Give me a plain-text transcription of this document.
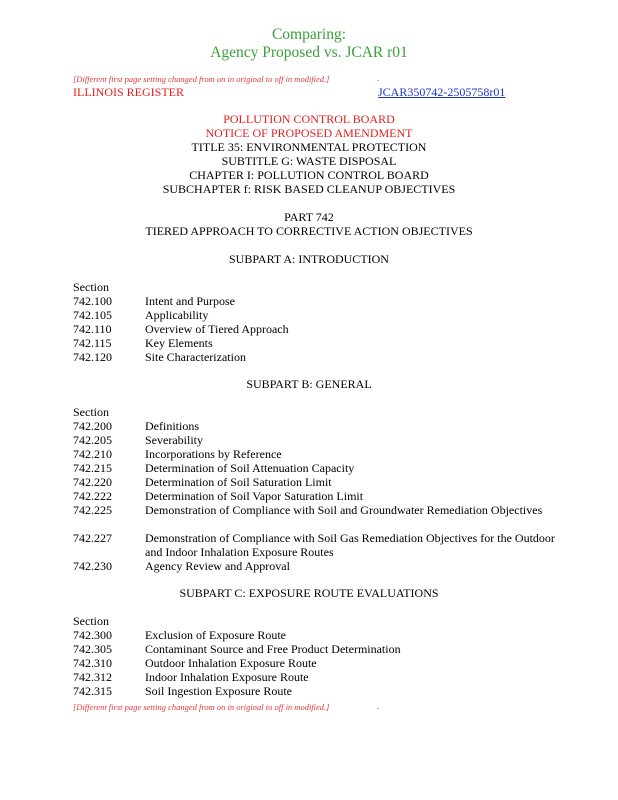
Comparing:
Agency Proposed vs. JCAR r01
[Different first page setting changed from on in original to off in modified.]	.
ILLINOIS REGISTER	JCAR350742-2505758r01
POLLUTION CONTROL BOARD
NOTICE OF PROPOSED AMENDMENT
TITLE 35: ENVIRONMENTAL PROTECTION
SUBTITLE G: WASTE DISPOSAL
CHAPTER I: POLLUTION CONTROL BOARD
SUBCHAPTER f: RISK BASED CLEANUP OBJECTIVES
PART 742
TIERED APPROACH TO CORRECTIVE ACTION OBJECTIVES
SUBPART A: INTRODUCTION
Section
742.100	Intent and Purpose
742.105	Applicability
742.110	Overview of Tiered Approach
742.115	Key Elements
742.120	Site Characterization
SUBPART B: GENERAL
Section
742.200	Definitions
742.205	Severability
742.210	Incorporations by Reference
742.215	Determination of Soil Attenuation Capacity
742.220	Determination of Soil Saturation Limit
742.222	Determination of Soil Vapor Saturation Limit
742.225	Demonstration of Compliance with Soil and Groundwater Remediation Objectives
742.227	Demonstration of Compliance with Soil Gas Remediation Objectives for the Outdoor and Indoor Inhalation Exposure Routes
742.230	Agency Review and Approval
SUBPART C: EXPOSURE ROUTE EVALUATIONS
Section
742.300	Exclusion of Exposure Route
742.305	Contaminant Source and Free Product Determination
742.310	Outdoor Inhalation Exposure Route
742.312	Indoor Inhalation Exposure Route
742.315	Soil Ingestion Exposure Route
[Different first page setting changed from on in original to off in modified.]	.
